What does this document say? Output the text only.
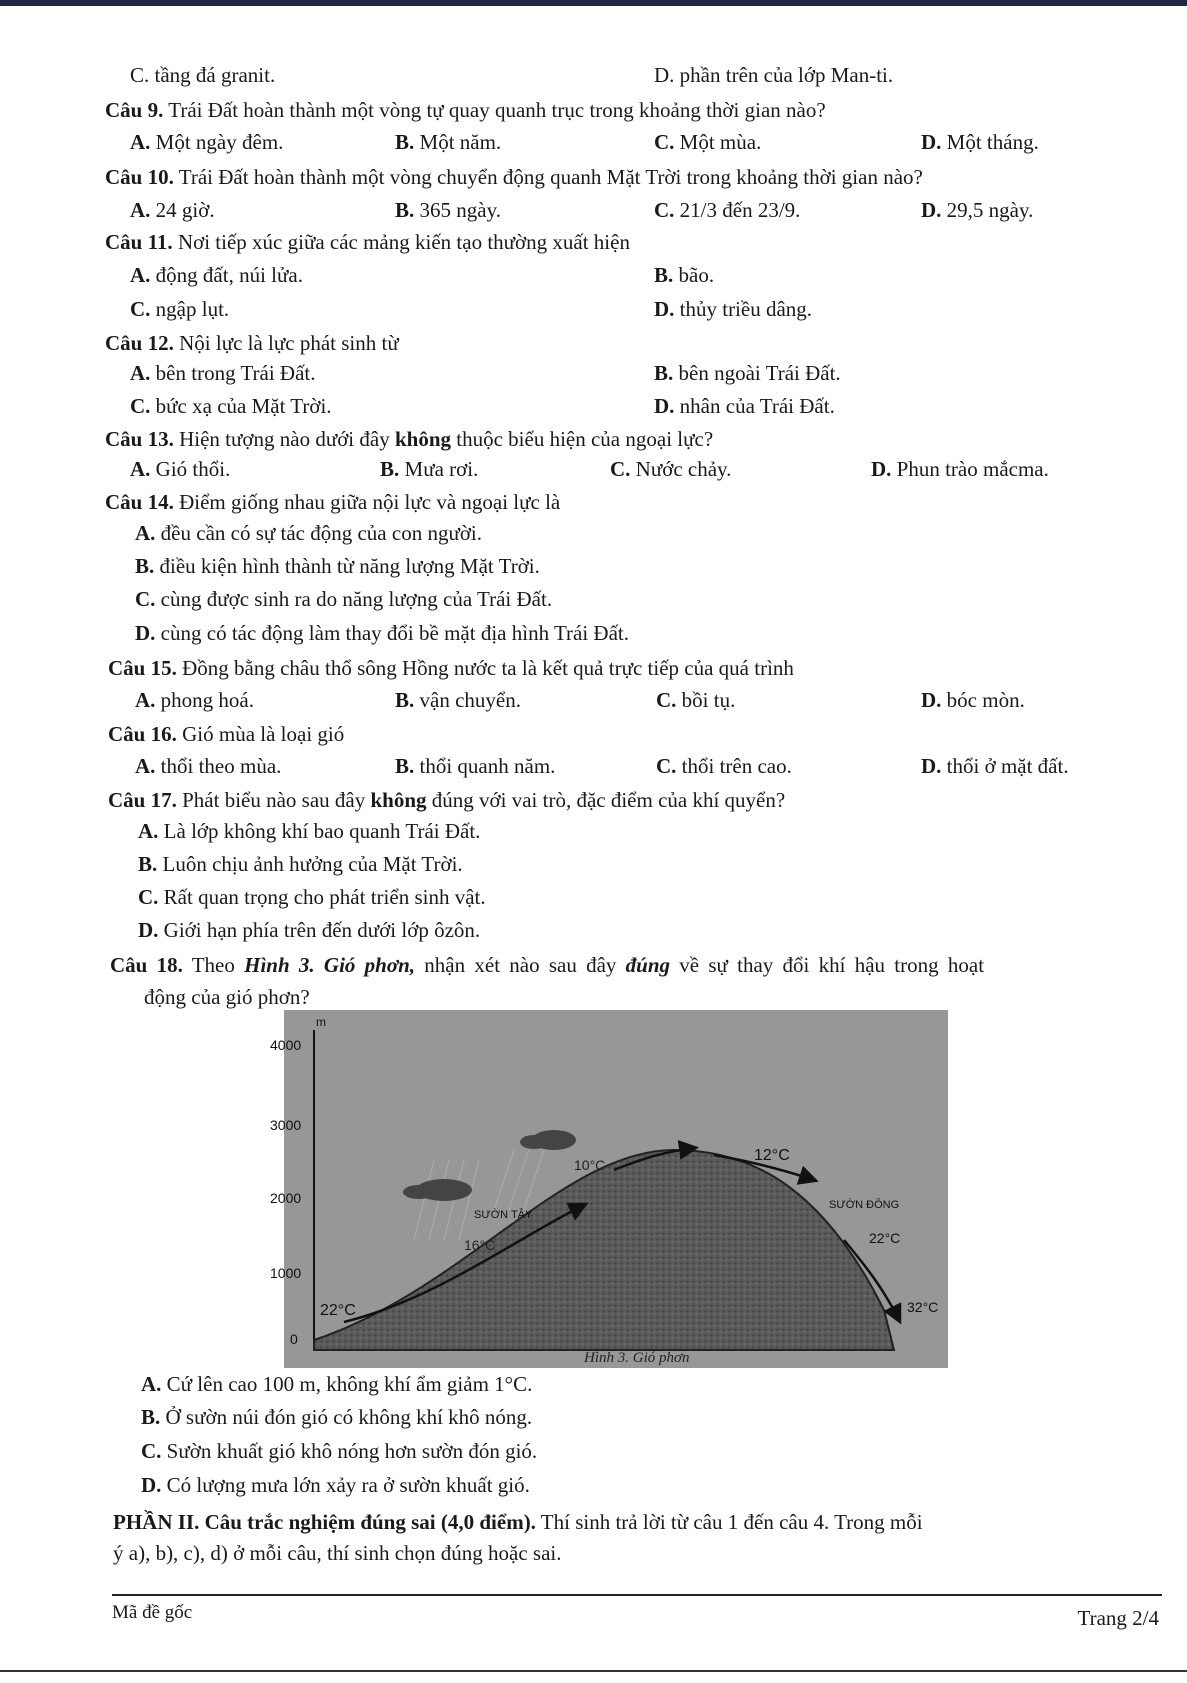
C. tầng đá granit.	D. phần trên của lớp Man-ti.
Câu 9. Trái Đất hoàn thành một vòng tự quay quanh trục trong khoảng thời gian nào?
A. Một ngày đêm.	B. Một năm.	C. Một mùa.	D. Một tháng.
Câu 10. Trái Đất hoàn thành một vòng chuyển động quanh Mặt Trời trong khoảng thời gian nào?
A. 24 giờ.	B. 365 ngày.	C. 21/3 đến 23/9.	D. 29,5 ngày.
Câu 11. Nơi tiếp xúc giữa các mảng kiến tạo thường xuất hiện
A. động đất, núi lửa.	B. bão.
C. ngập lụt.	D. thủy triều dâng.
Câu 12. Nội lực là lực phát sinh từ
A. bên trong Trái Đất.	B. bên ngoài Trái Đất.
C. bức xạ của Mặt Trời.	D. nhân của Trái Đất.
Câu 13. Hiện tượng nào dưới đây không thuộc biểu hiện của ngoại lực?
A. Gió thổi.	B. Mưa rơi.	C. Nước chảy.	D. Phun trào mắcma.
Câu 14. Điểm giống nhau giữa nội lực và ngoại lực là
A. đều cần có sự tác động của con người.
B. điều kiện hình thành từ năng lượng Mặt Trời.
C. cùng được sinh ra do năng lượng của Trái Đất.
D. cùng có tác động làm thay đổi bề mặt địa hình Trái Đất.
Câu 15. Đồng bằng châu thổ sông Hồng nước ta là kết quả trực tiếp của quá trình
A. phong hoá.	B. vận chuyển.	C. bồi tụ.	D. bóc mòn.
Câu 16. Gió mùa là loại gió
A. thổi theo mùa.	B. thổi quanh năm.	C. thổi trên cao.	D. thổi ở mặt đất.
Câu 17. Phát biểu nào sau đây không đúng với vai trò, đặc điểm của khí quyển?
A. Là lớp không khí bao quanh Trái Đất.
B. Luôn chịu ảnh hưởng của Mặt Trời.
C. Rất quan trọng cho phát triển sinh vật.
D. Giới hạn phía trên đến dưới lớp ôzôn.
Câu 18. Theo Hình 3. Gió phơn, nhận xét nào sau đây đúng về sự thay đổi khí hậu trong hoạt
động của gió phơn?
m
4000
3000
2000
1000
0
SƯỜN TÂY
SƯỜN ĐÔNG
22°C
16°C
10°C
12°C
22°C
32°C
Hình 3. Gió phơn
A. Cứ lên cao 100 m, không khí ẩm giảm 1°C.
B. Ở sườn núi đón gió có không khí khô nóng.
C. Sườn khuất gió khô nóng hơn sườn đón gió.
D. Có lượng mưa lớn xảy ra ở sườn khuất gió.
PHẦN II. Câu trắc nghiệm đúng sai (4,0 điểm). Thí sinh trả lời từ câu 1 đến câu 4. Trong mỗi
ý a), b), c), d) ở mỗi câu, thí sinh chọn đúng hoặc sai.
Mã đề gốc	Trang 2/4
